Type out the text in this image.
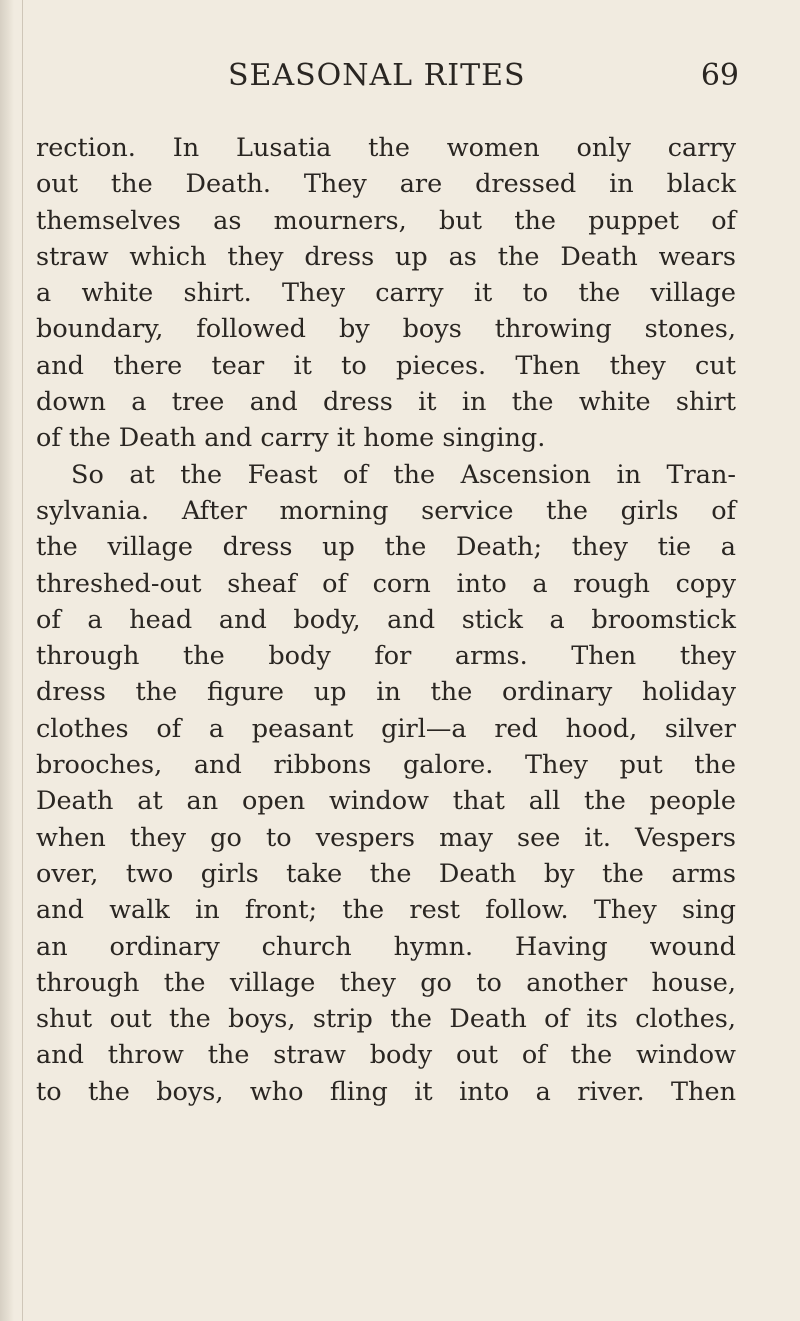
SEASONAL RITES	69
rection. In Lusatia the women only carry
out the Death. They are dressed in black
themselves as mourners, but the puppet of
straw which they dress up as the Death wears
a white shirt. They carry it to the village
boundary, followed by boys throwing stones,
and there tear it to pieces. Then they cut
down a tree and dress it in the white shirt
of the Death and carry it home singing.
So at the Feast of the Ascension in Tran-
sylvania. After morning service the girls of
the village dress up the Death; they tie a
threshed-out sheaf of corn into a rough copy
of a head and body, and stick a broomstick
through the body for arms. Then they
dress the figure up in the ordinary holiday
clothes of a peasant girl—a red hood, silver
brooches, and ribbons galore. They put the
Death at an open window that all the people
when they go to vespers may see it. Vespers
over, two girls take the Death by the arms
and walk in front; the rest follow. They sing
an ordinary church hymn. Having wound
through the village they go to another house,
shut out the boys, strip the Death of its clothes,
and throw the straw body out of the window
to the boys, who fling it into a river. Then
